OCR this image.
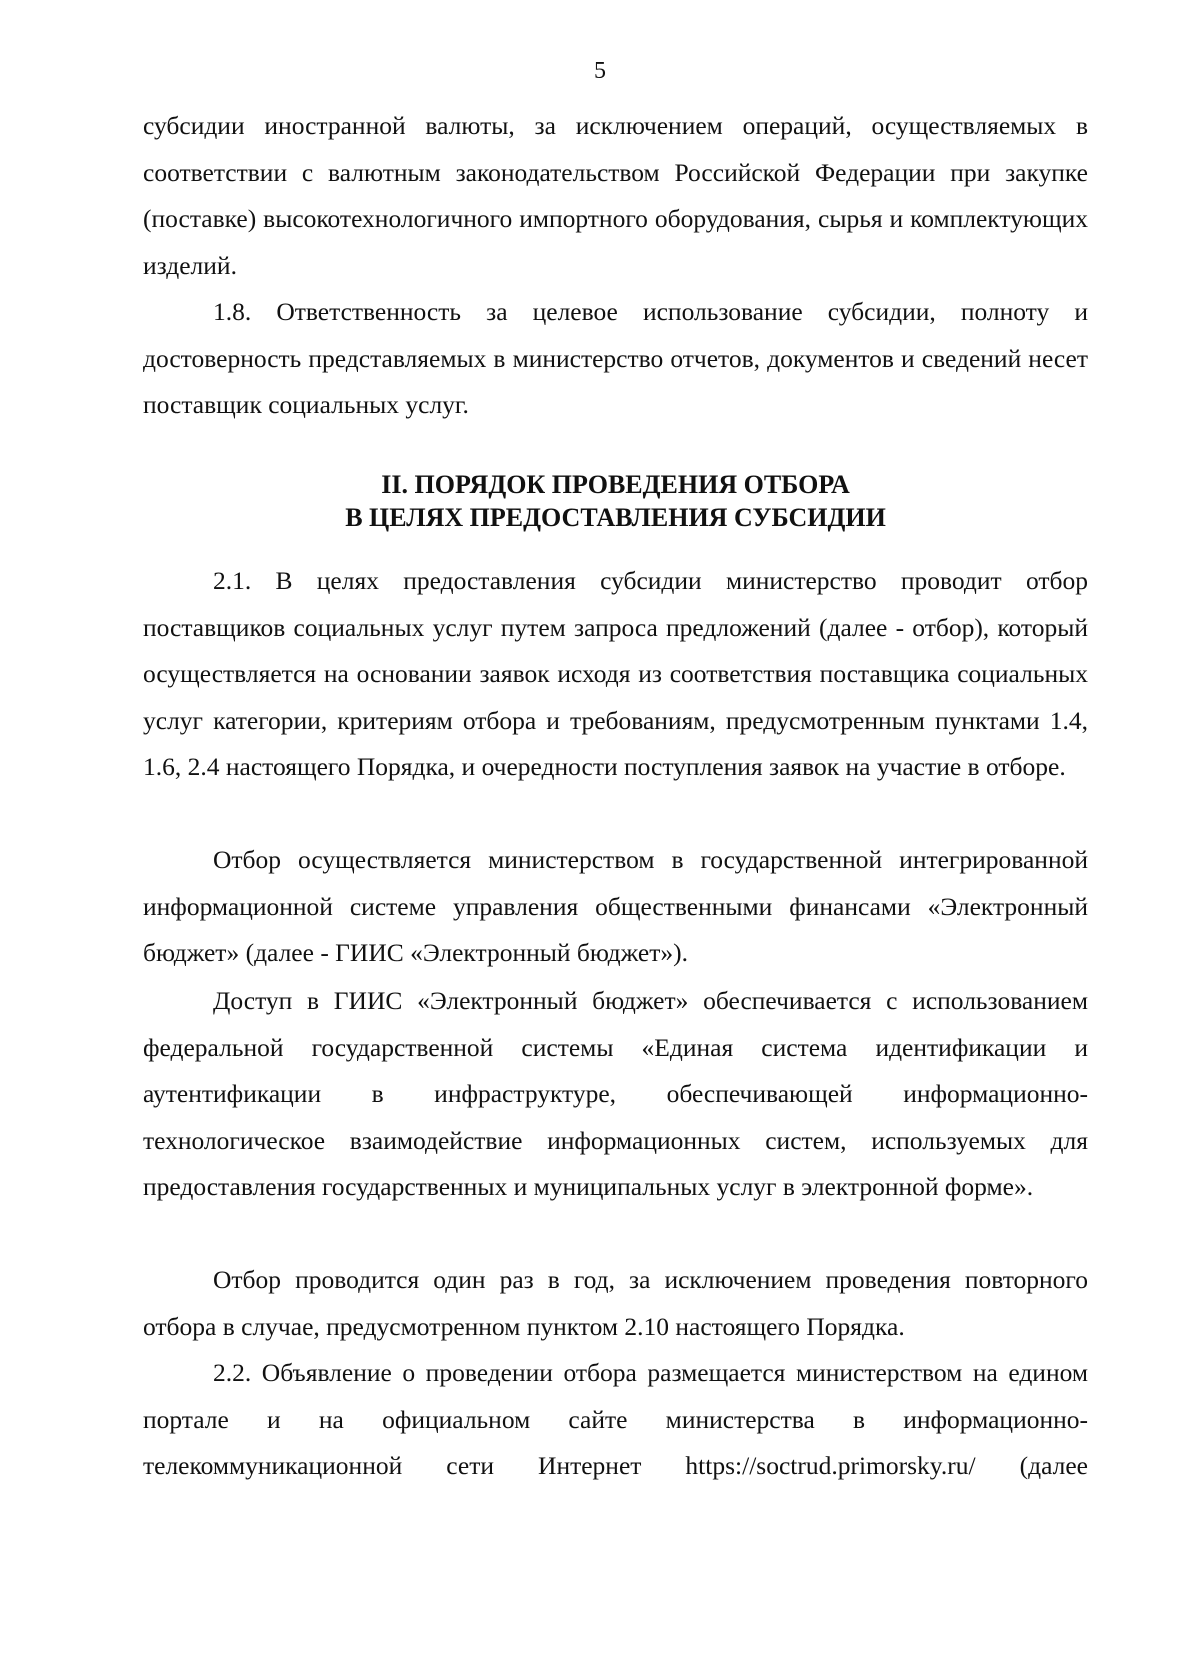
5

субсидии иностранной валюты, за исключением операций, осуществляемых в соответствии с валютным законодательством Российской Федерации при закупке (поставке) высокотехнологичного импортного оборудования, сырья и комплектующих изделий.

1.8. Ответственность за целевое использование субсидии, полноту и достоверность представляемых в министерство отчетов, документов и сведений несет поставщик социальных услуг.

II. ПОРЯДОК ПРОВЕДЕНИЯ ОТБОРА
В ЦЕЛЯХ ПРЕДОСТАВЛЕНИЯ СУБСИДИИ

2.1. В целях предоставления субсидии министерство проводит отбор поставщиков социальных услуг путем запроса предложений (далее - отбор), который осуществляется на основании заявок исходя из соответствия поставщика социальных услуг категории, критериям отбора и требованиям, предусмотренным пунктами 1.4, 1.6, 2.4 настоящего Порядка, и очередности поступления заявок на участие в отборе.

Отбор осуществляется министерством в государственной интегрированной информационной системе управления общественными финансами «Электронный бюджет» (далее - ГИИС «Электронный бюджет»).

Доступ в ГИИС «Электронный бюджет» обеспечивается с использованием федеральной государственной системы «Единая система идентификации и аутентификации в инфраструктуре, обеспечивающей информационно-технологическое взаимодействие информационных систем, используемых для предоставления государственных и муниципальных услуг в электронной форме».

Отбор проводится один раз в год, за исключением проведения повторного отбора в случае, предусмотренном пунктом 2.10 настоящего Порядка.

2.2. Объявление о проведении отбора размещается министерством на едином портале и на официальном сайте министерства в информационно-телекоммуникационной сети Интернет https://soctrud.primorsky.ru/ (далее
